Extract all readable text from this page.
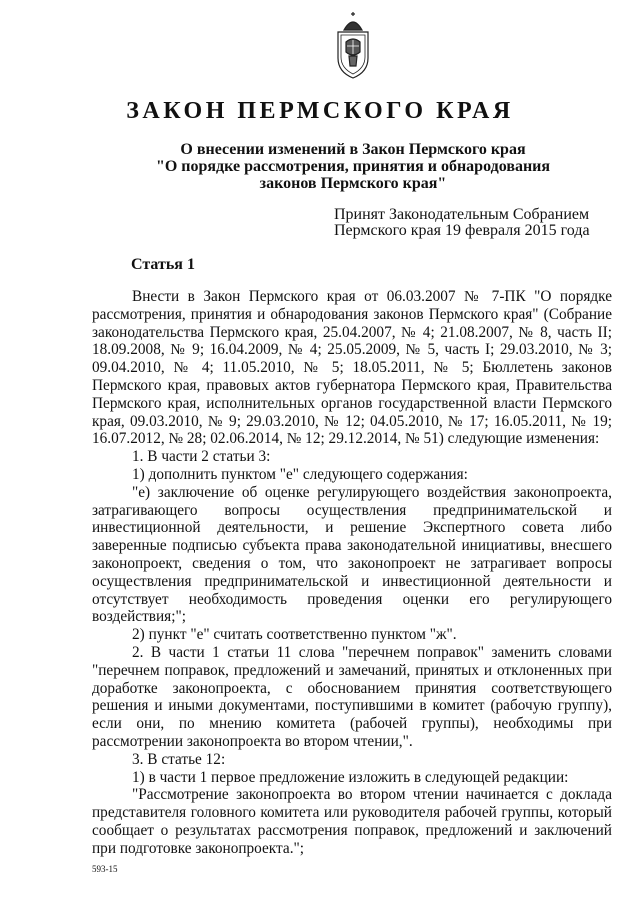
ЗАКОН ПЕРМСКОГО КРАЯ
О внесении изменений в Закон Пермского края
"О порядке рассмотрения, принятия и обнародования
законов Пермского края"
Принят Законодательным Собранием
Пермского края 19 февраля 2015 года
Статья 1

Внести в Закон Пермского края от 06.03.2007 № 7-ПК "О порядке рассмотрения, принятия и обнародования законов Пермского края" (Собрание законодательства Пермского края, 25.04.2007, № 4; 21.08.2007, № 8, часть II; 18.09.2008, № 9; 16.04.2009, № 4; 25.05.2009, № 5, часть I; 29.03.2010, № 3; 09.04.2010, № 4; 11.05.2010, № 5; 18.05.2011, № 5; Бюллетень законов Пермского края, правовых актов губернатора Пермского края, Правительства Пермского края, исполнительных органов государственной власти Пермского края, 09.03.2010, № 9; 29.03.2010, № 12; 04.05.2010, № 17; 16.05.2011, № 19; 16.07.2012, № 28; 02.06.2014, № 12; 29.12.2014, № 51) следующие изменения:

1. В части 2 статьи 3:

1) дополнить пунктом "е" следующего содержания:

"е) заключение об оценке регулирующего воздействия законопроекта, затрагивающего вопросы осуществления предпринимательской и инвестиционной деятельности, и решение Экспертного совета либо заверенные подписью субъекта права законодательной инициативы, внесшего законопроект, сведения о том, что законопроект не затрагивает вопросы осуществления предпринимательской и инвестиционной деятельности и отсутствует необходимость проведения оценки его регулирующего воздействия;";

2) пункт "е" считать соответственно пунктом "ж".

2. В части 1 статьи 11 слова "перечнем поправок" заменить словами "перечнем поправок, предложений и замечаний, принятых и отклоненных при доработке законопроекта, с обоснованием принятия соответствующего решения и иными документами, поступившими в комитет (рабочую группу), если они, по мнению комитета (рабочей группы), необходимы при рассмотрении законопроекта во втором чтении,".

3. В статье 12:

1) в части 1 первое предложение изложить в следующей редакции:

"Рассмотрение законопроекта во втором чтении начинается с доклада представителя головного комитета или руководителя рабочей группы, который сообщает о результатах рассмотрения поправок, предложений и заключений при подготовке законопроекта.";

593-15
